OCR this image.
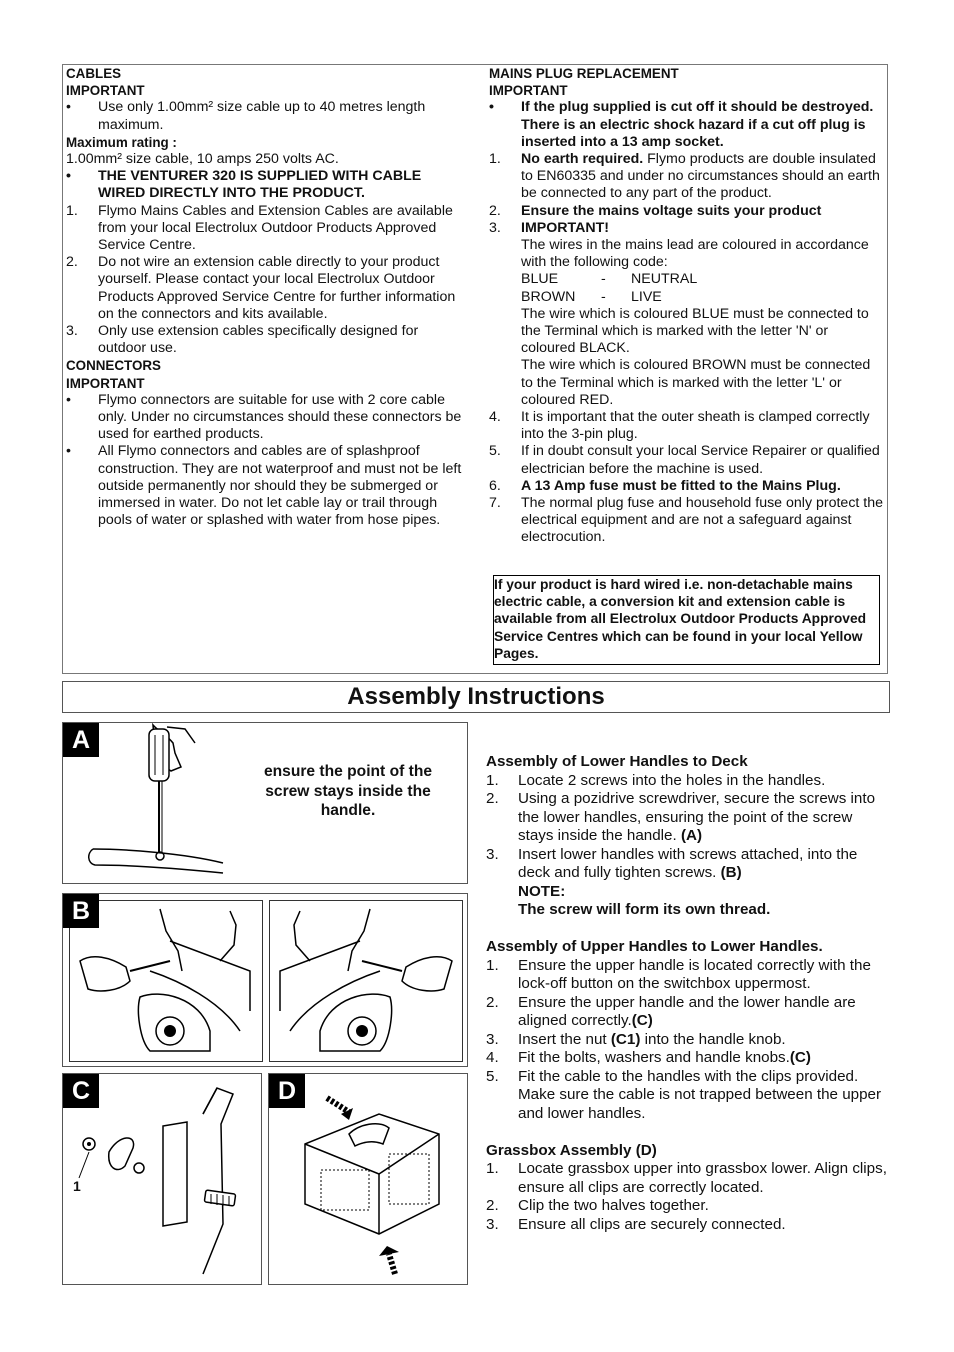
CABLES
IMPORTANT
• Use only 1.00mm² size cable up to 40 metres length maximum.
Maximum rating :
1.00mm² size cable, 10 amps 250 volts AC.
• THE VENTURER 320 IS SUPPLIED WITH CABLE WIRED DIRECTLY INTO THE PRODUCT.
1. Flymo Mains Cables and Extension Cables are available from your local Electrolux Outdoor Products Approved Service Centre.
2. Do not wire an extension cable directly to your product yourself. Please contact your local Electrolux Outdoor Products Approved Service Centre for further information on the connectors and kits available.
3. Only use extension cables specifically designed for outdoor use.
CONNECTORS
IMPORTANT
• Flymo connectors are suitable for use with 2 core cable only. Under no circumstances should these connectors be used for earthed products.
• All Flymo connectors and cables are of splashproof construction. They are not waterproof and must not be left outside permanently nor should they be submerged or immersed in water. Do not let cable lay or trail through pools of water or splashed with water from hose pipes.
MAINS PLUG REPLACEMENT
IMPORTANT
• If the plug supplied is cut off it should be destroyed. There is an electric shock hazard if a cut off plug is inserted into a 13 amp socket.
1. No earth required. Flymo products are double insulated to EN60335 and under no circumstances should an earth be connected to any part of the product.
2. Ensure the mains voltage suits your product
3. IMPORTANT!
The wires in the mains lead are coloured in accordance with the following code:
BLUE	-	NEUTRAL
BROWN	-	LIVE
The wire which is coloured BLUE must be connected to the Terminal which is marked with the letter 'N' or coloured BLACK.
The wire which is coloured BROWN must be connected to the Terminal which is marked with the letter 'L' or coloured RED.
4. It is important that the outer sheath is clamped correctly into the 3-pin plug.
5. If in doubt consult your local Service Repairer or qualified electrician before the machine is used.
6. A 13 Amp fuse must be fitted to the Mains Plug.
7. The normal plug fuse and household fuse only protect the electrical equipment and are not a safeguard against electrocution.
If your product is hard wired i.e. non-detachable mains electric cable, a conversion kit and extension cable is available from all Electrolux Outdoor Products Approved Service Centres which can be found in your local Yellow Pages.
Assembly Instructions
A
ensure the point of the screw stays inside the handle.
B
C
1
D
Assembly of Lower Handles to Deck
1. Locate 2 screws into the holes in the handles.
2. Using a pozidrive screwdriver, secure the screws into the lower handles, ensuring the point of the screw stays inside the handle. (A)
3. Insert lower handles with screws attached, into the deck and fully tighten screws. (B)
NOTE:
The screw will form its own thread.
Assembly of Upper Handles to Lower Handles.
1. Ensure the upper handle is located correctly with the lock-off button on the switchbox uppermost.
2. Ensure the upper handle and the lower handle are aligned correctly.(C)
3. Insert the nut (C1) into the handle knob.
4. Fit the bolts, washers and handle knobs.(C)
5. Fit the cable to the handles with the clips provided. Make sure the cable is not trapped between the upper and lower handles.
Grassbox Assembly (D)
1. Locate grassbox upper into grassbox lower. Align clips, ensure all clips are correctly located.
2. Clip the two halves together.
3. Ensure all clips are securely connected.
